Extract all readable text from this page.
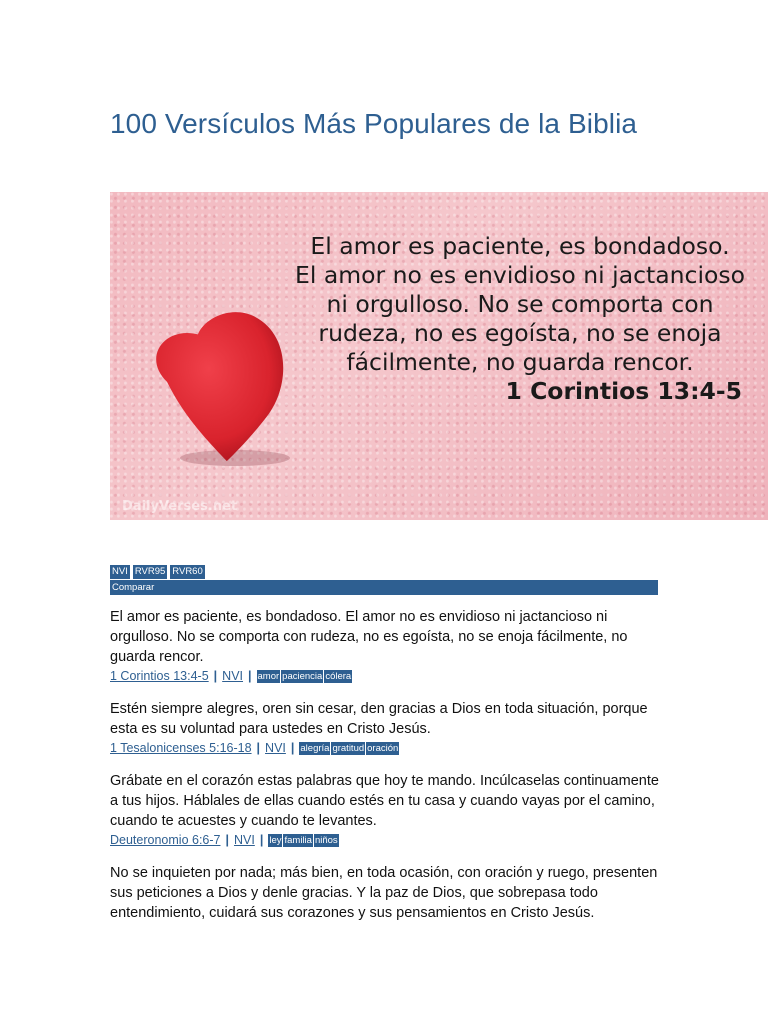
100 Versículos Más Populares de la Biblia
El amor es paciente, es bondadoso.
El amor no es envidioso ni jactancioso
ni orgulloso. No se comporta con
rudeza, no es egoísta, no se enoja
fácilmente, no guarda rencor.
1 Corintios 13:4-5
DailyVerses.net
NVI RVR95 RVR60
Comparar
El amor es paciente, es bondadoso. El amor no es envidioso ni jactancioso ni orgulloso. No se comporta con rudeza, no es egoísta, no se enoja fácilmente, no guarda rencor.
1 Corintios 13:4-5 | NVI | amor paciencia cólera
Estén siempre alegres, oren sin cesar, den gracias a Dios en toda situación, porque esta es su voluntad para ustedes en Cristo Jesús.
1 Tesalonicenses 5:16-18 | NVI | alegría gratitud oración
Grábate en el corazón estas palabras que hoy te mando. Incúlcaselas continuamente a tus hijos. Háblales de ellas cuando estés en tu casa y cuando vayas por el camino, cuando te acuestes y cuando te levantes.
Deuteronomio 6:6-7 | NVI | ley familia niños
No se inquieten por nada; más bien, en toda ocasión, con oración y ruego, presenten sus peticiones a Dios y denle gracias. Y la paz de Dios, que sobrepasa todo entendimiento, cuidará sus corazones y sus pensamientos en Cristo Jesús.
